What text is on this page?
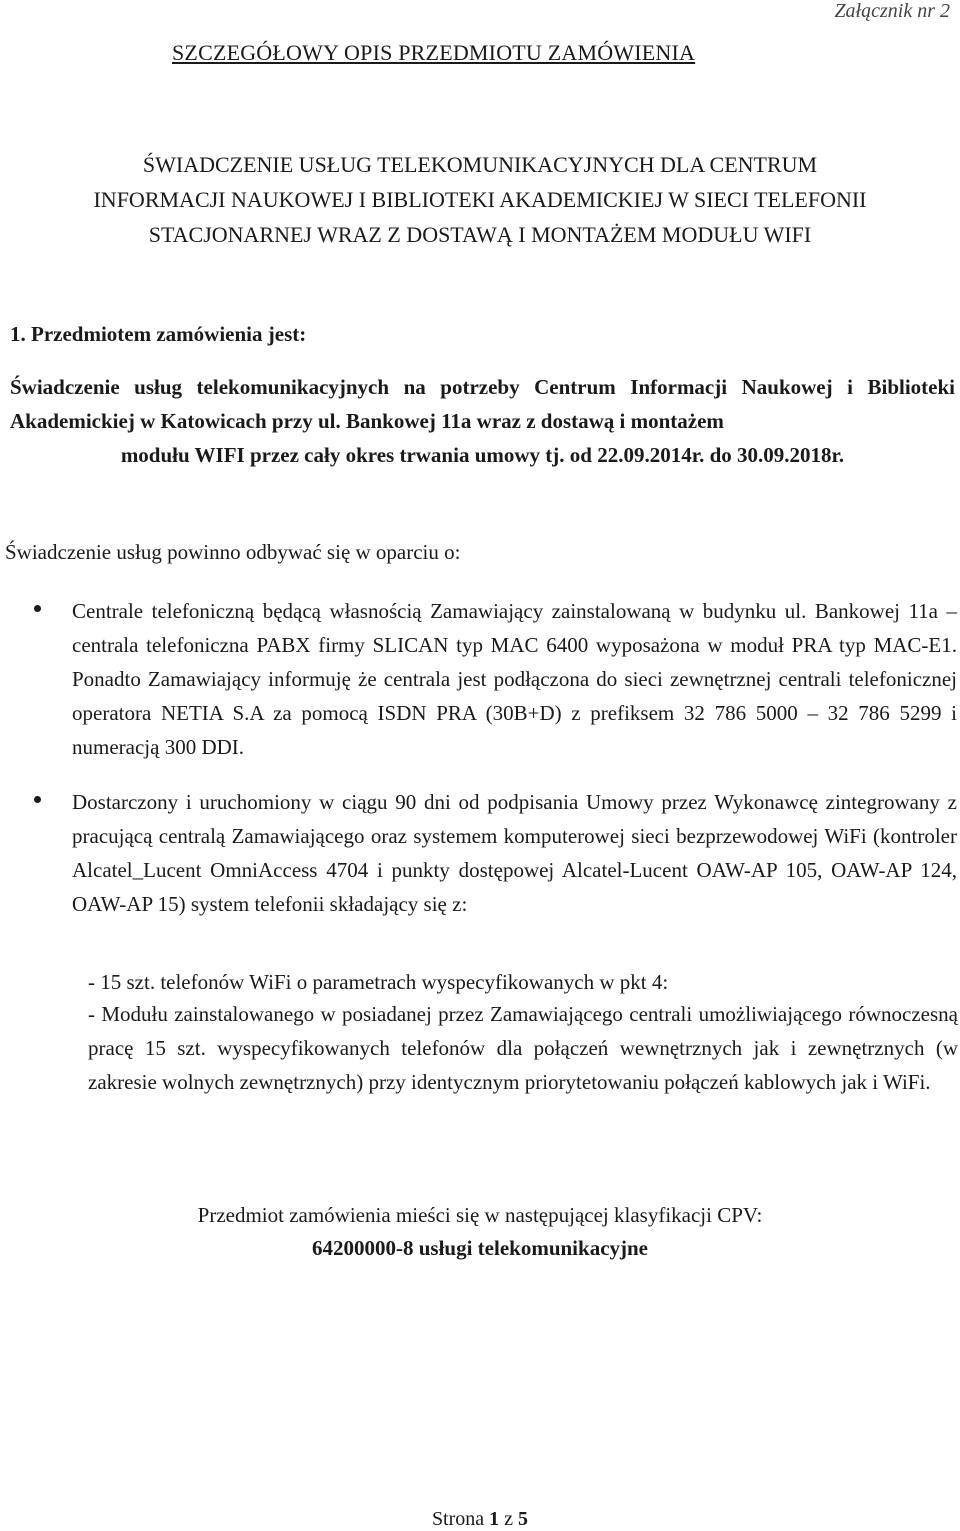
Załącznik nr 2
SZCZEGÓŁOWY OPIS PRZEDMIOTU ZAMÓWIENIA
ŚWIADCZENIE USŁUG TELEKOMUNIKACYJNYCH DLA CENTRUM
INFORMACJI NAUKOWEJ I BIBLIOTEKI AKADEMICKIEJ W SIECI TELEFONII
STACJONARNEJ WRAZ Z DOSTAWĄ I MONTAŻEM MODUŁU WIFI
1. Przedmiotem zamówienia jest:
Świadczenie usług telekomunikacyjnych na potrzeby Centrum Informacji Naukowej i Biblioteki Akademickiej w Katowicach przy ul. Bankowej 11a wraz z dostawą i montażem
modułu WIFI przez cały okres trwania umowy tj. od 22.09.2014r. do 30.09.2018r.
Świadczenie usług powinno odbywać się w oparciu o:
Centrale telefoniczną będącą własnością Zamawiający zainstalowaną w budynku ul. Bankowej 11a – centrala telefoniczna PABX firmy SLICAN typ MAC 6400 wyposażona w moduł PRA typ MAC-E1. Ponadto Zamawiający informuję że centrala jest podłączona do sieci zewnętrznej centrali telefonicznej operatora NETIA S.A za pomocą ISDN PRA (30B+D) z prefiksem 32 786 5000 – 32 786 5299 i numeracją 300 DDI.
Dostarczony i uruchomiony w ciągu 90 dni od podpisania Umowy przez Wykonawcę zintegrowany z pracującą centralą Zamawiającego oraz systemem komputerowej sieci bezprzewodowej WiFi (kontroler Alcatel_Lucent OmniAccess 4704 i punkty dostępowej Alcatel-Lucent OAW-AP 105, OAW-AP 124, OAW-AP 15) system telefonii składający się z:
- 15 szt. telefonów WiFi o parametrach wyspecyfikowanych w pkt 4:
- Modułu zainstalowanego w posiadanej przez Zamawiającego centrali umożliwiającego równoczesną pracę 15 szt. wyspecyfikowanych telefonów dla połączeń wewnętrznych jak i zewnętrznych (w zakresie wolnych zewnętrznych) przy identycznym priorytetowaniu połączeń kablowych jak i WiFi.
Przedmiot zamówienia mieści się w następującej klasyfikacji CPV:
64200000-8 usługi telekomunikacyjne
Strona 1 z 5
